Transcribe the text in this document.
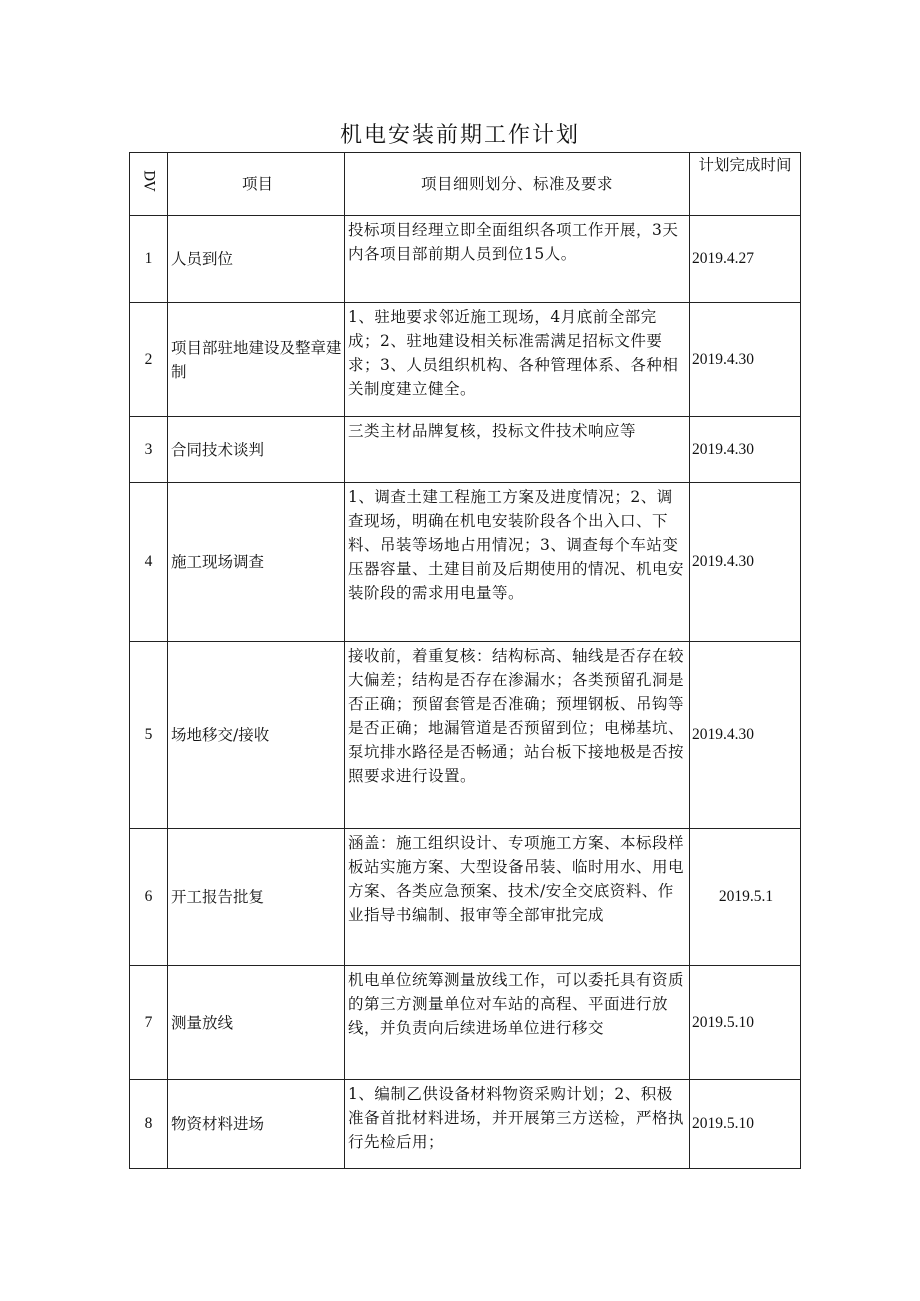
机电安装前期工作计划
DV	项目	项目细则划分、标准及要求	计划完成时间
1	人员到位	投标项目经理立即全面组织各项工作开展，3天内各项目部前期人员到位15人。	2019.4.27
2	项目部驻地建设及整章建制	1、驻地要求邻近施工现场，4月底前全部完成；2、驻地建设相关标准需满足招标文件要求；3、人员组织机构、各种管理体系、各种相关制度建立健全。	2019.4.30
3	合同技术谈判	三类主材品牌复核，投标文件技术响应等	2019.4.30
4	施工现场调查	1、调查土建工程施工方案及进度情况；2、调查现场，明确在机电安装阶段各个出入口、下料、吊装等场地占用情况；3、调查每个车站变压器容量、土建目前及后期使用的情况、机电安装阶段的需求用电量等。	2019.4.30
5	场地移交/接收	接收前，着重复核：结构标高、轴线是否存在较大偏差；结构是否存在渗漏水；各类预留孔洞是否正确；预留套管是否准确；预埋钢板、吊钩等是否正确；地漏管道是否预留到位；电梯基坑、泵坑排水路径是否畅通；站台板下接地极是否按照要求进行设置。	2019.4.30
6	开工报告批复	涵盖：施工组织设计、专项施工方案、本标段样板站实施方案、大型设备吊装、临时用水、用电方案、各类应急预案、技术/安全交底资料、作业指导书编制、报审等全部审批完成	2019.5.1
7	测量放线	机电单位统筹测量放线工作，可以委托具有资质的第三方测量单位对车站的高程、平面进行放线，并负责向后续进场单位进行移交	2019.5.10
8	物资材料进场	1、编制乙供设备材料物资采购计划；2、积极准备首批材料进场，并开展第三方送检，严格执行先检后用；	2019.5.10
